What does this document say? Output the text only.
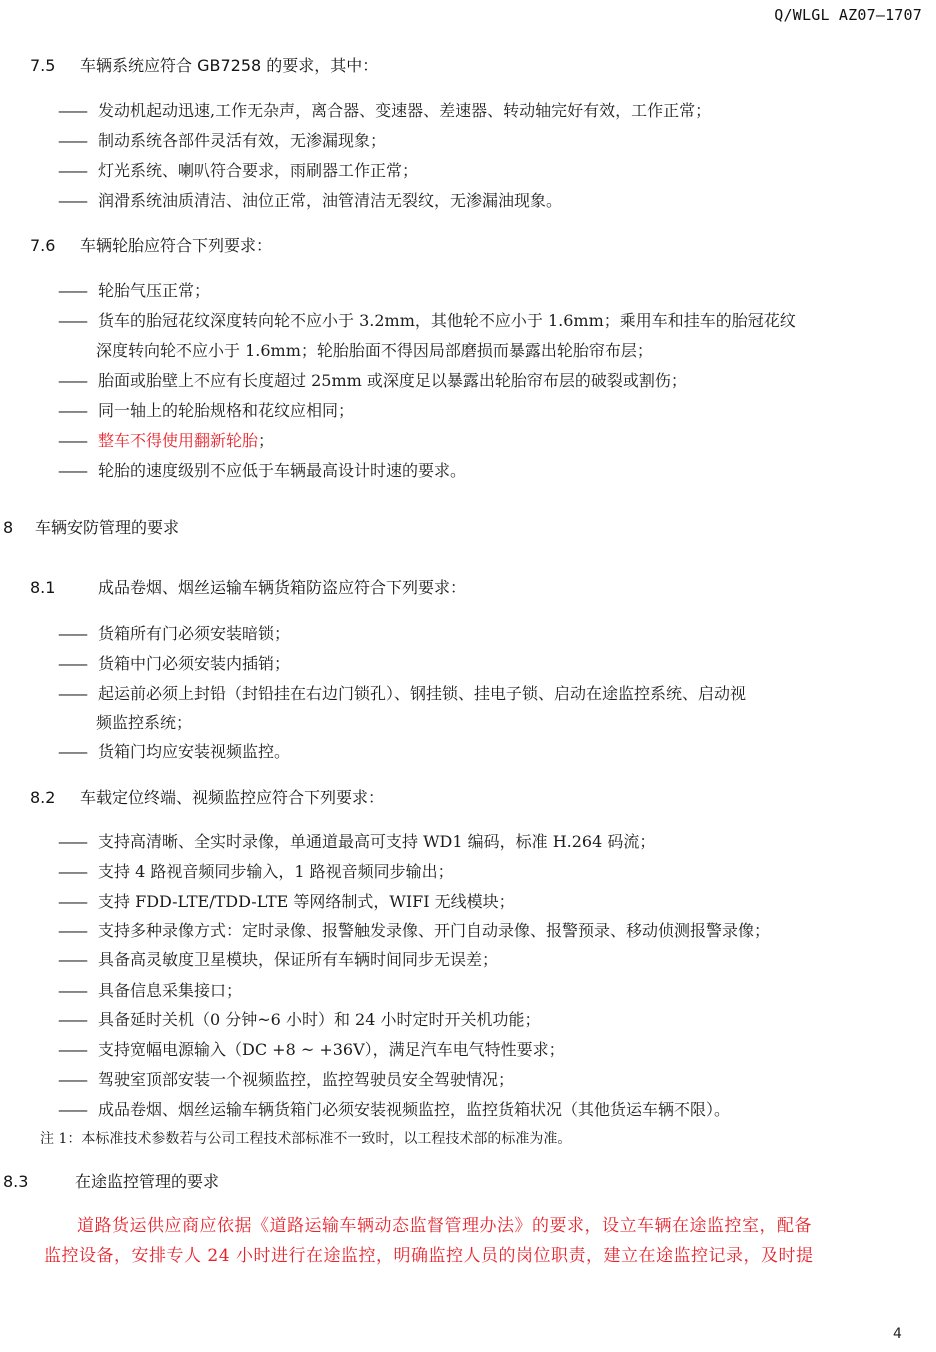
Q/WLGL AZ07—1707
7.5 车辆系统应符合 GB7258 的要求，其中：
—— 发动机起动迅速,工作无杂声，离合器、变速器、差速器、转动轴完好有效，工作正常；
—— 制动系统各部件灵活有效，无渗漏现象；
—— 灯光系统、喇叭符合要求，雨刷器工作正常；
—— 润滑系统油质清洁、油位正常，油管清洁无裂纹，无渗漏油现象。
7.6 车辆轮胎应符合下列要求：
—— 轮胎气压正常；
—— 货车的胎冠花纹深度转向轮不应小于 3.2mm，其他轮不应小于 1.6mm；乘用车和挂车的胎冠花纹
深度转向轮不应小于 1.6mm；轮胎胎面不得因局部磨损而暴露出轮胎帘布层；
—— 胎面或胎壁上不应有长度超过 25mm 或深度足以暴露出轮胎帘布层的破裂或割伤；
—— 同一轴上的轮胎规格和花纹应相同；
—— 整车不得使用翻新轮胎；
—— 轮胎的速度级别不应低于车辆最高设计时速的要求。
8 车辆安防管理的要求
8.1	成品卷烟、烟丝运输车辆货箱防盗应符合下列要求：
—— 货箱所有门必须安装暗锁；
—— 货箱中门必须安装内插销；
—— 起运前必须上封铅（封铅挂在右边门锁孔）、钢挂锁、挂电子锁、启动在途监控系统、启动视
频监控系统；
—— 货箱门均应安装视频监控。
8.2 车载定位终端、视频监控应符合下列要求：
—— 支持高清晰、全实时录像，单通道最高可支持 WD1 编码，标准 H.264 码流；
—— 支持 4 路视音频同步输入，1 路视音频同步输出；
—— 支持 FDD-LTE/TDD-LTE 等网络制式，WIFI 无线模块；
—— 支持多种录像方式：定时录像、报警触发录像、开门自动录像、报警预录、移动侦测报警录像；
—— 具备高灵敏度卫星模块，保证所有车辆时间同步无误差；
—— 具备信息采集接口；
—— 具备延时关机（0 分钟~6 小时）和 24 小时定时开关机功能；
—— 支持宽幅电源输入（DC +8 ~ +36V），满足汽车电气特性要求；
—— 驾驶室顶部安装一个视频监控，监控驾驶员安全驾驶情况；
—— 成品卷烟、烟丝运输车辆货箱门必须安装视频监控，监控货箱状况（其他货运车辆不限）。
注 1：本标准技术参数若与公司工程技术部标准不一致时，以工程技术部的标准为准。
8.3	在途监控管理的要求
道路货运供应商应依据《道路运输车辆动态监督管理办法》的要求，设立车辆在途监控室，配备
监控设备，安排专人 24 小时进行在途监控，明确监控人员的岗位职责，建立在途监控记录，及时提
4
